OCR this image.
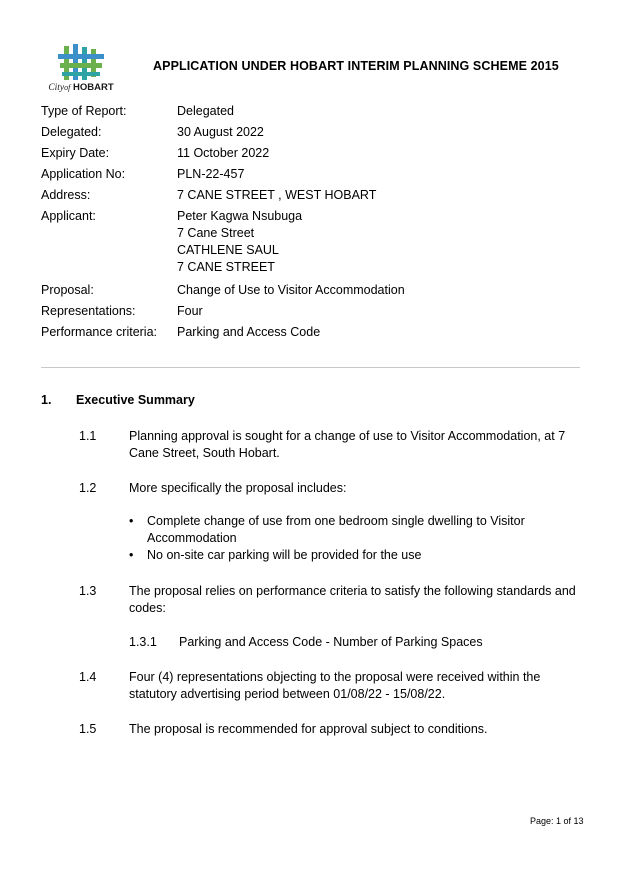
Cityof HOBART
APPLICATION UNDER HOBART INTERIM PLANNING SCHEME 2015
Type of Report:	Delegated
Delegated:	30 August 2022
Expiry Date:	11 October 2022
Application No:	PLN-22-457
Address:	7 CANE STREET , WEST HOBART
Applicant:	Peter Kagwa Nsubuga
7 Cane Street
CATHLENE SAUL
7 CANE STREET
Proposal:	Change of Use to Visitor Accommodation
Representations:	Four
Performance criteria:	Parking and Access Code
1.	Executive Summary
1.1	Planning approval is sought for a change of use to Visitor Accommodation, at 7 Cane Street, South Hobart.
1.2	More specifically the proposal includes:
•	Complete change of use from one bedroom single dwelling to Visitor Accommodation
•	No on-site car parking will be provided for the use
1.3	The proposal relies on performance criteria to satisfy the following standards and codes:
1.3.1	Parking and Access Code - Number of Parking Spaces
1.4	Four (4) representations objecting to the proposal were received within the statutory advertising period between 01/08/22 - 15/08/22.
1.5	The proposal is recommended for approval subject to conditions.
Page: 1 of 13
